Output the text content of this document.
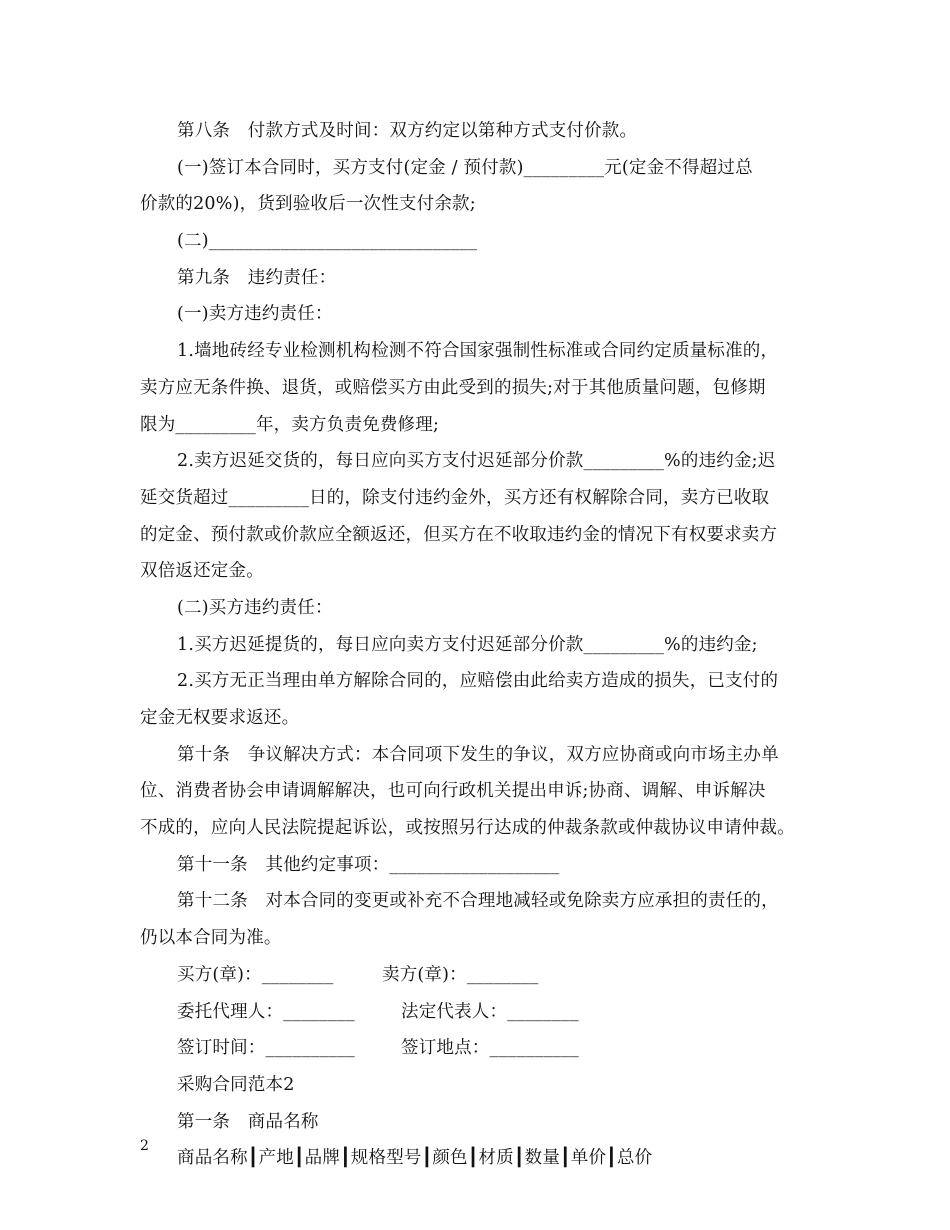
第八条　付款方式及时间：双方约定以第种方式支付价款。
(一)签订本合同时，买方支付(定金 / 预付款)_________元(定金不得超过总
价款的20%)，货到验收后一次性支付余款;
(二)______________________________
第九条　违约责任：
(一)卖方违约责任：
1.墙地砖经专业检测机构检测不符合国家强制性标准或合同约定质量标准的，
卖方应无条件换、退货，或赔偿买方由此受到的损失;对于其他质量问题，包修期
限为_________年，卖方负责免费修理;
2.卖方迟延交货的，每日应向买方支付迟延部分价款_________%的违约金;迟
延交货超过_________日的，除支付违约金外，买方还有权解除合同，卖方已收取
的定金、预付款或价款应全额返还，但买方在不收取违约金的情况下有权要求卖方
双倍返还定金。
(二)买方违约责任：
1.买方迟延提货的，每日应向卖方支付迟延部分价款_________%的违约金;
2.买方无正当理由单方解除合同的，应赔偿由此给卖方造成的损失，已支付的
定金无权要求返还。
第十条　争议解决方式：本合同项下发生的争议，双方应协商或向市场主办单
位、消费者协会申请调解解决，也可向行政机关提出申诉;协商、调解、申诉解决
不成的，应向人民法院提起诉讼，或按照另行达成的仲裁条款或仲裁协议申请仲裁。
第十一条　其他约定事项：___________________
第十二条　对本合同的变更或补充不合理地减轻或免除卖方应承担的责任的，
仍以本合同为准。
买方(章)：________	卖方(章)：________
委托代理人：________	法定代表人：________
签订时间：__________	签订地点：__________
采购合同范本2
第一条　商品名称
商品名称┃产地┃品牌┃规格型号┃颜色┃材质┃数量┃单价┃总价
2
